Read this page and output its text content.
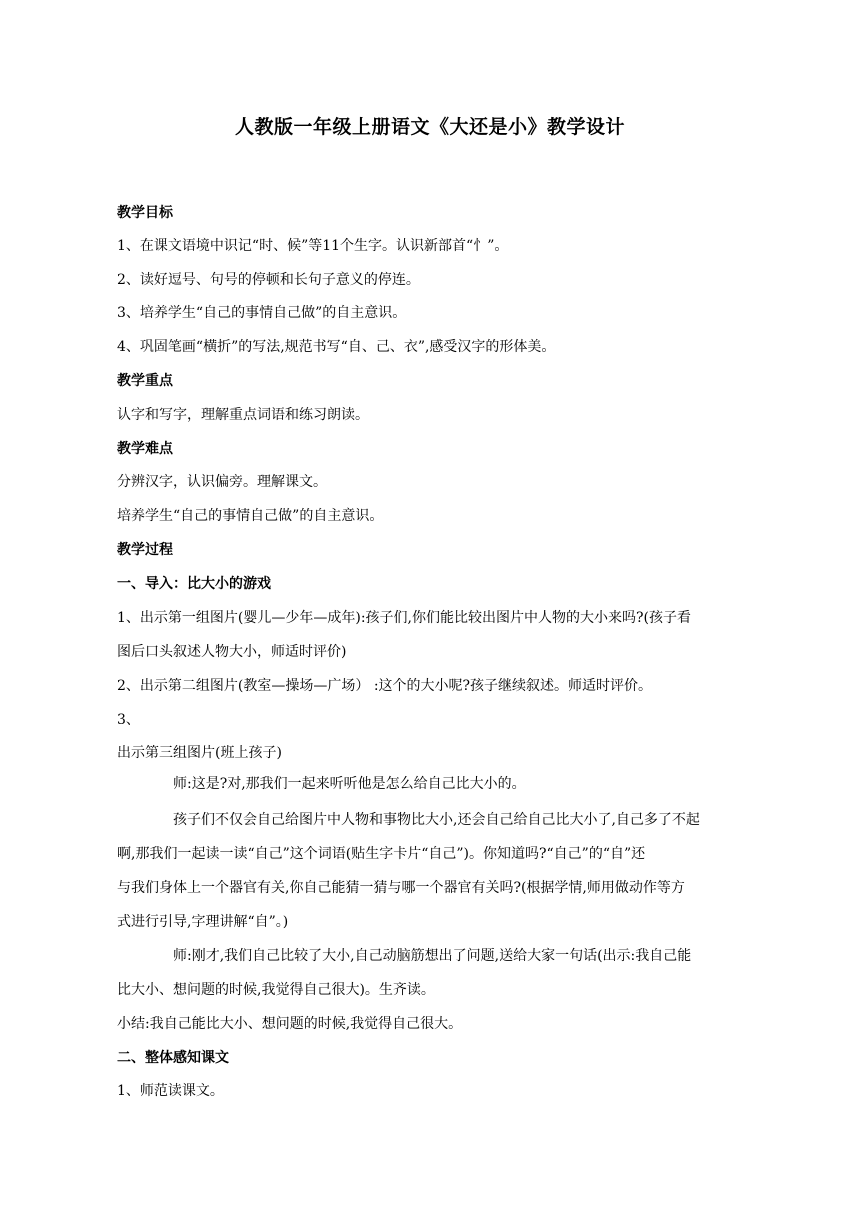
人教版一年级上册语文《大还是小》教学设计
教学目标
1、在课文语境中识记“时、候”等11个生字。认识新部首“忄”。
2、读好逗号、句号的停顿和长句子意义的停连。
3、培养学生“自己的事情自己做”的自主意识。
4、巩固笔画“横折”的写法,规范书写“自、己、衣”,感受汉字的形体美。
教学重点
认字和写字，理解重点词语和练习朗读。
教学难点
分辨汉字，认识偏旁。理解课文。
培养学生“自己的事情自己做”的自主意识。
教学过程
一、导入：比大小的游戏
1、出示第一组图片(婴儿—少年—成年):孩子们,你们能比较出图片中人物的大小来吗?(孩子看
图后口头叙述人物大小，师适时评价)
2、出示第二组图片(教室—操场—广场） :这个的大小呢?孩子继续叙述。师适时评价。
3、
出示第三组图片(班上孩子)
师:这是?对,那我们一起来听听他是怎么给自己比大小的。
孩子们不仅会自己给图片中人物和事物比大小,还会自己给自己比大小了,自己多了不起
啊,那我们一起读一读“自己”这个词语(贴生字卡片“自己”)。你知道吗?“自己”的“自”还
与我们身体上一个器官有关,你自己能猜一猜与哪一个器官有关吗?(根据学情,师用做动作等方
式进行引导,字理讲解“自”。)
师:刚才,我们自己比较了大小,自己动脑筋想出了问题,送给大家一句话(出示:我自己能
比大小、想问题的时候,我觉得自己很大)。生齐读。
小结:我自己能比大小、想问题的时候,我觉得自己很大。
二、整体感知课文
1、师范读课文。
